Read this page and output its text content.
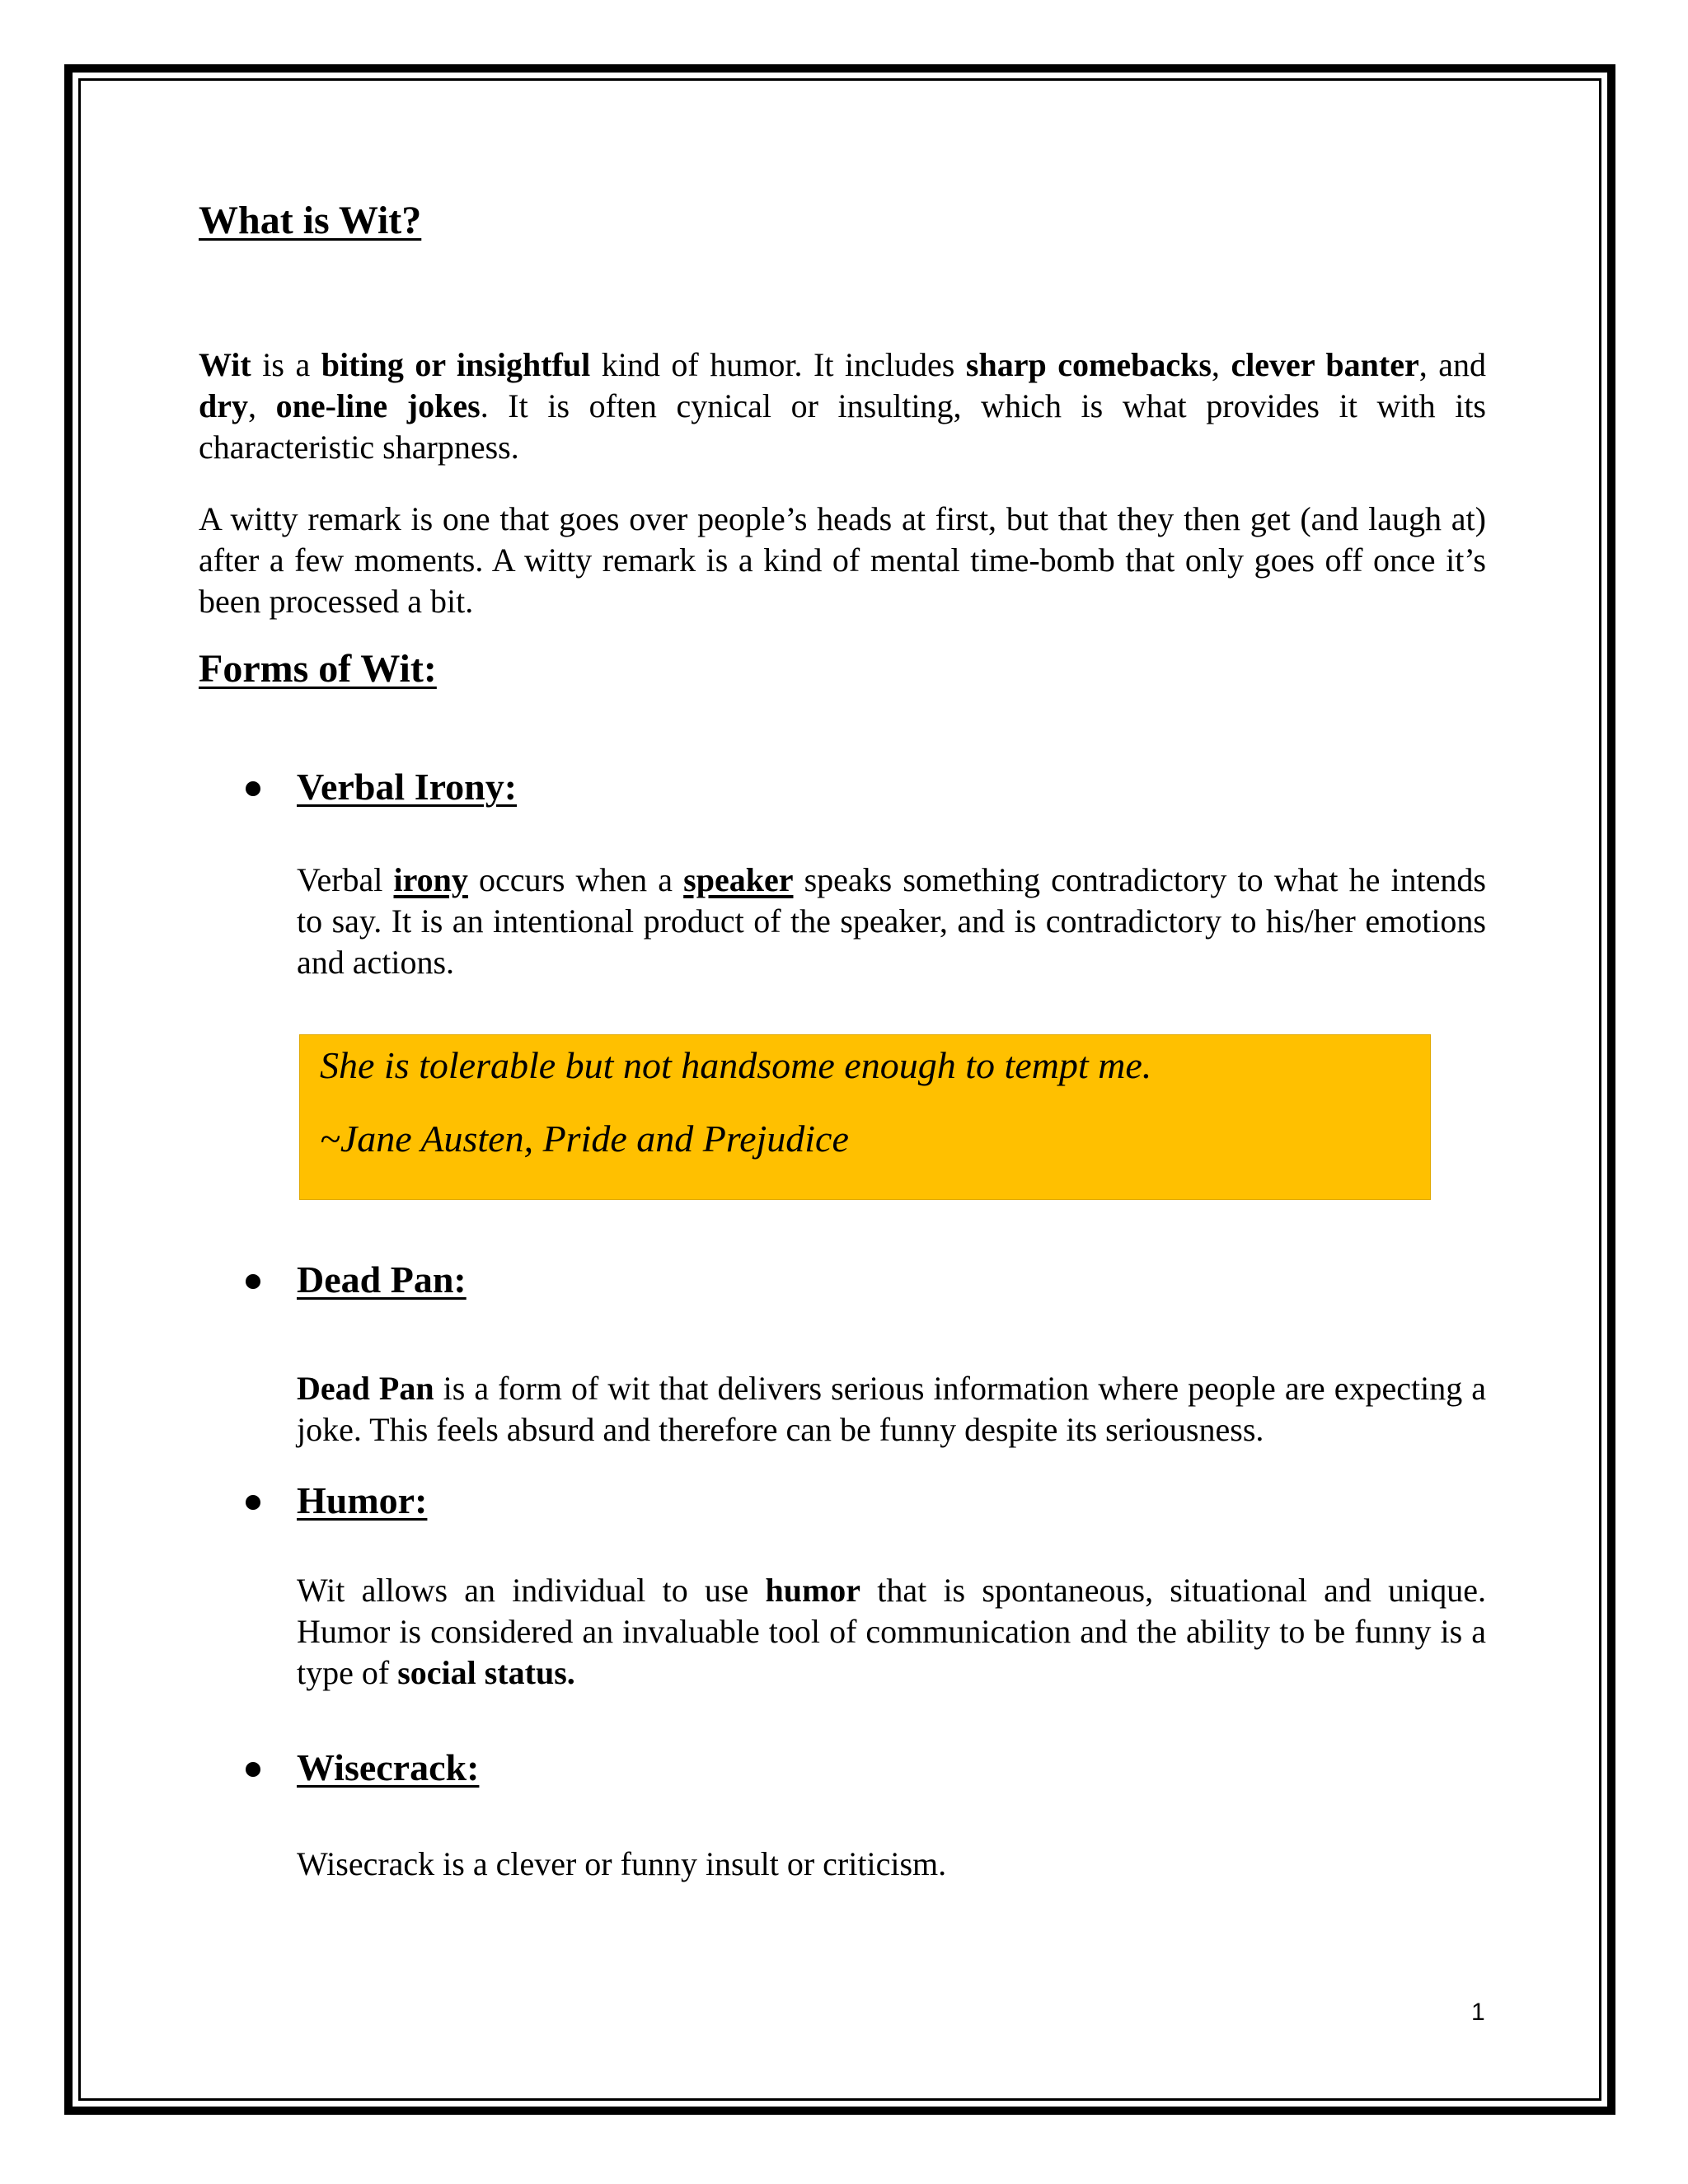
What is Wit?
Wit is a biting or insightful kind of humor. It includes sharp comebacks, clever banter, and dry, one-line jokes. It is often cynical or insulting, which is what provides it with its characteristic sharpness.
A witty remark is one that goes over people’s heads at first, but that they then get (and laugh at) after a few moments. A witty remark is a kind of mental time-bomb that only goes off once it’s been processed a bit.
Forms of Wit:
Verbal Irony:
Verbal irony occurs when a speaker speaks something contradictory to what he intends to say. It is an intentional product of the speaker, and is contradictory to his/her emotions and actions.
She is tolerable but not handsome enough to tempt me.
~Jane Austen, Pride and Prejudice
Dead Pan:
Dead Pan is a form of wit that delivers serious information where people are expecting a joke. This feels absurd and therefore can be funny despite its seriousness.
Humor:
Wit allows an individual to use humor that is spontaneous, situational and unique. Humor is considered an invaluable tool of communication and the ability to be funny is a type of social status.
Wisecrack:
Wisecrack is a clever or funny insult or criticism.
1
